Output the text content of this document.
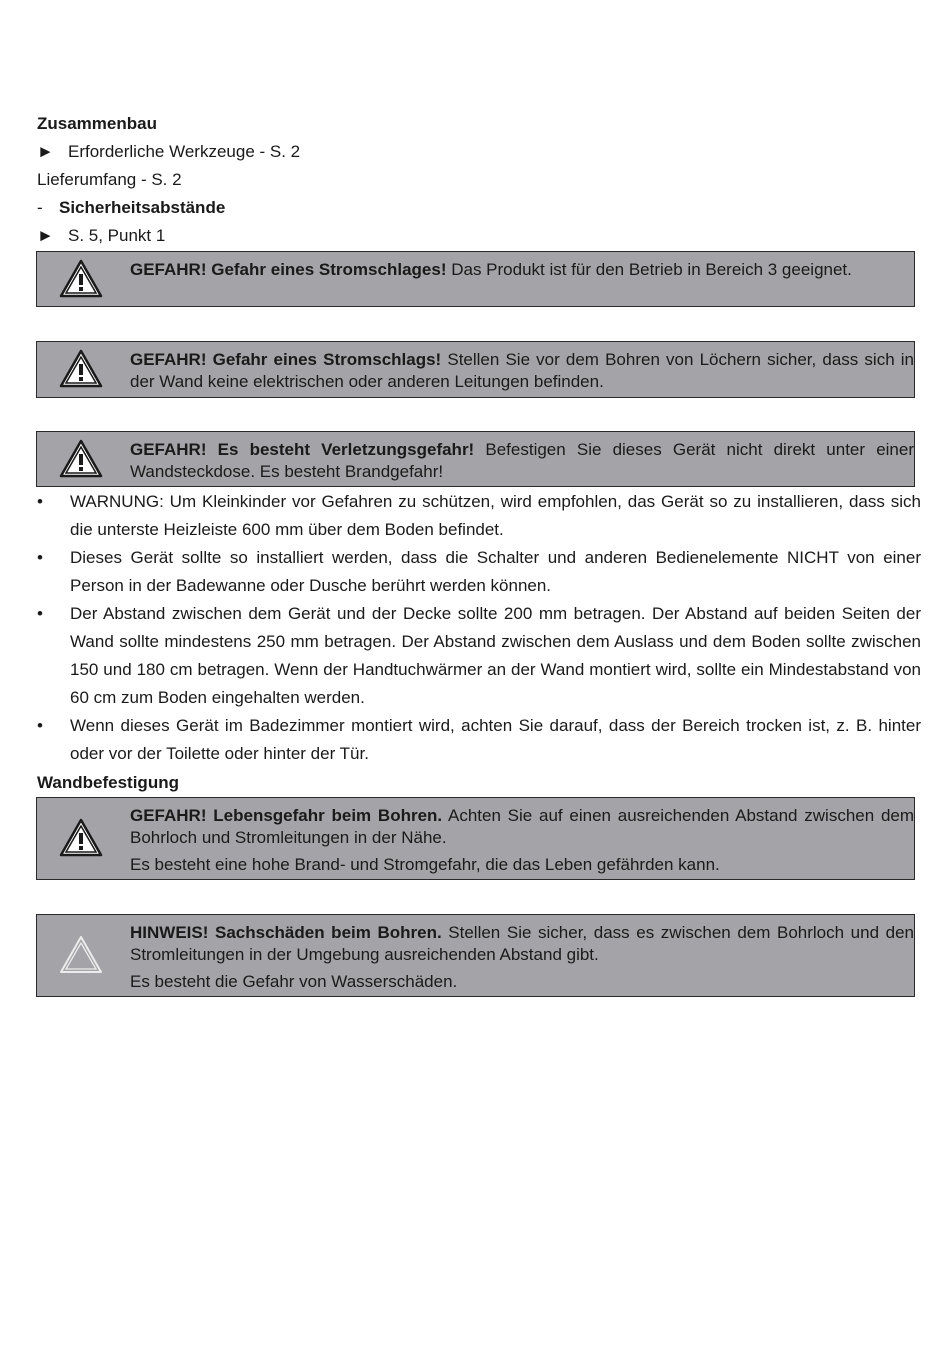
Zusammenbau
► Erforderliche Werkzeuge - S. 2
Lieferumfang - S. 2
- Sicherheitsabstände
► S. 5, Punkt 1

GEFAHR! Gefahr eines Stromschlages! Das Produkt ist für den Betrieb in Bereich 3 geeignet.

GEFAHR! Gefahr eines Stromschlags! Stellen Sie vor dem Bohren von Löchern sicher, dass sich in der Wand keine elektrischen oder anderen Leitungen befinden.

GEFAHR! Es besteht Verletzungsgefahr! Befestigen Sie dieses Gerät nicht direkt unter einer Wandsteckdose. Es besteht Brandgefahr!

• WARNUNG: Um Kleinkinder vor Gefahren zu schützen, wird empfohlen, das Gerät so zu installieren, dass sich die unterste Heizleiste 600 mm über dem Boden befindet.
• Dieses Gerät sollte so installiert werden, dass die Schalter und anderen Bedienelemente NICHT von einer Person in der Badewanne oder Dusche berührt werden können.
• Der Abstand zwischen dem Gerät und der Decke sollte 200 mm betragen. Der Abstand auf beiden Seiten der Wand sollte mindestens 250 mm betragen. Der Abstand zwischen dem Auslass und dem Boden sollte zwischen 150 und 180 cm betragen. Wenn der Handtuchwärmer an der Wand montiert wird, sollte ein Mindestabstand von 60 cm zum Boden eingehalten werden.
• Wenn dieses Gerät im Badezimmer montiert wird, achten Sie darauf, dass der Bereich trocken ist, z. B. hinter oder vor der Toilette oder hinter der Tür.
Wandbefestigung

GEFAHR! Lebensgefahr beim Bohren. Achten Sie auf einen ausreichenden Abstand zwischen dem Bohrloch und Stromleitungen in der Nähe.

Es besteht eine hohe Brand- und Stromgefahr, die das Leben gefährden kann.

HINWEIS! Sachschäden beim Bohren. Stellen Sie sicher, dass es zwischen dem Bohrloch und den Stromleitungen in der Umgebung ausreichenden Abstand gibt.

Es besteht die Gefahr von Wasserschäden.
